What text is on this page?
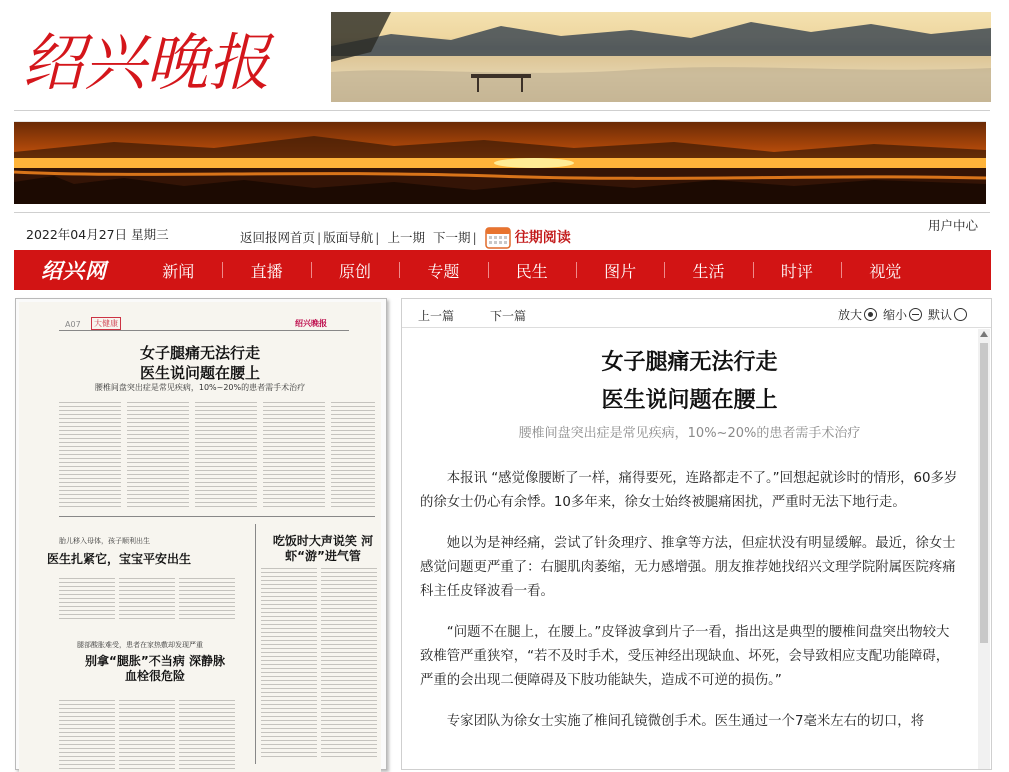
绍兴晚报
2022年04月27日 星期三	返回报网首页 | 版面导航 | 上一期 下一期 |	往期阅读
用户中心
绍兴网	新闻	直播	原创	专题	民生	图片	生活	时评	视觉
A07	大健康	绍兴晚报
女子腿痛无法行走
医生说问题在腰上
腰椎间盘突出症是常见疾病，10%~20%的患者需手术治疗
胎儿移入母体，孩子顺利出生
医生扎紧它，宝宝平安出生
吃饭时大声说笑 河虾“游”进气管
腿部酸胀难受，患者在家热敷却发现严重
别拿“腿胀”不当病 深静脉血栓很危险
上一篇	下一篇	放大 缩小 默认
女子腿痛无法行走
医生说问题在腰上
腰椎间盘突出症是常见疾病，10%~20%的患者需手术治疗

本报讯 “感觉像腰断了一样，痛得要死，连路都走不了。”回想起就诊时的情形，60多岁的徐女士仍心有余悸。10多年来，徐女士始终被腿痛困扰，严重时无法下地行走。

她以为是神经痛，尝试了针灸理疗、推拿等方法，但症状没有明显缓解。最近，徐女士感觉问题更严重了：右腿肌肉萎缩，无力感增强。朋友推荐她找绍兴文理学院附属医院疼痛科主任皮铎波看一看。

“问题不在腿上，在腰上。”皮铎波拿到片子一看，指出这是典型的腰椎间盘突出物较大致椎管严重狭窄，“若不及时手术，受压神经出现缺血、坏死，会导致相应支配功能障碍，严重的会出现二便障碍及下肢功能缺失，造成不可逆的损伤。”

专家团队为徐女士实施了椎间孔镜微创手术。医生通过一个7毫米左右的切口，将
